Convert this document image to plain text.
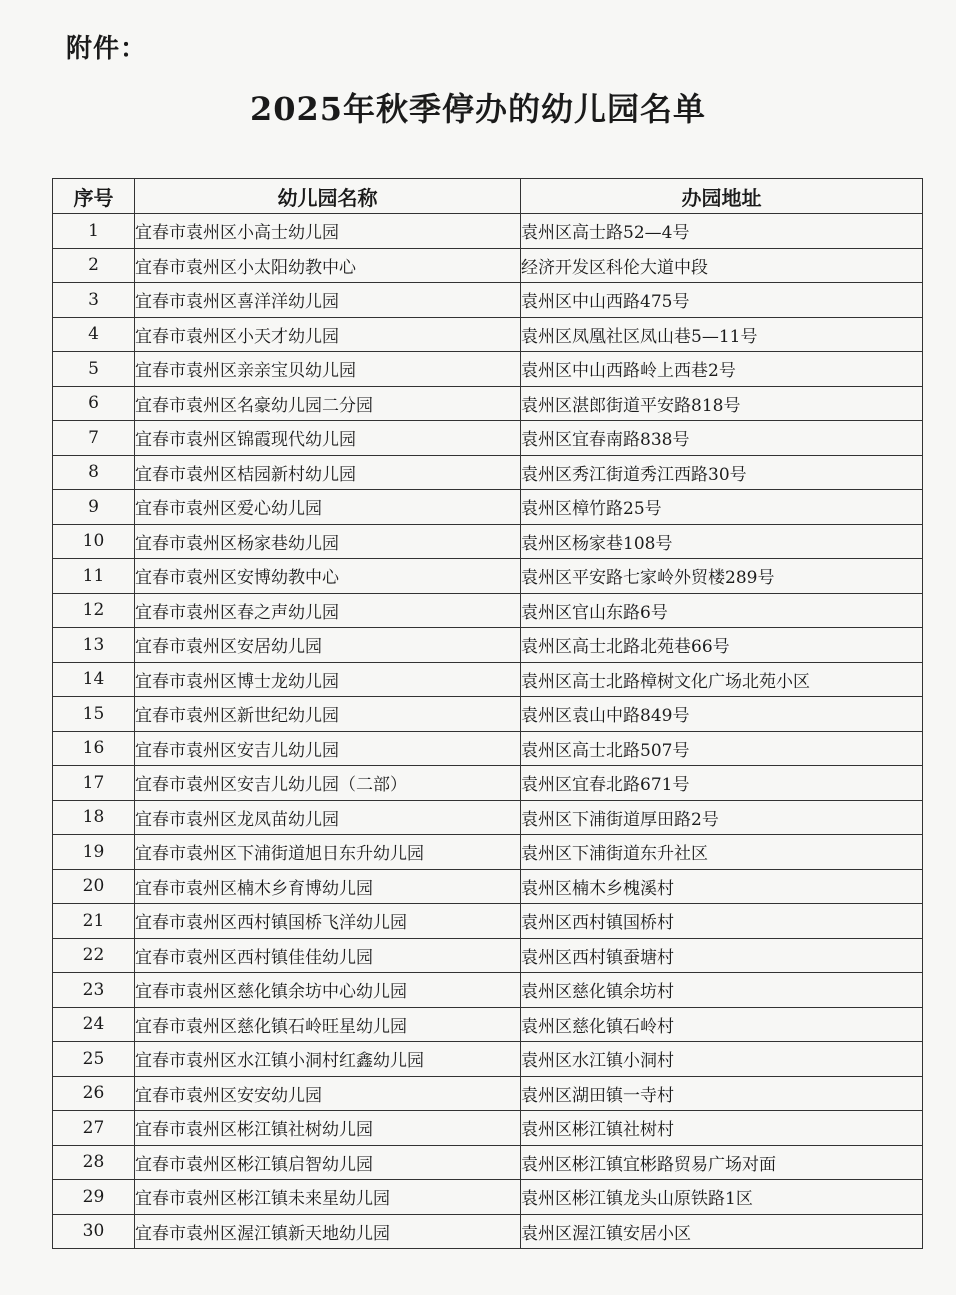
附件：
2025年秋季停办的幼儿园名单
序号	幼儿园名称	办园地址
1	宜春市袁州区小高士幼儿园	袁州区高士路52—4号
2	宜春市袁州区小太阳幼教中心	经济开发区科伦大道中段
3	宜春市袁州区喜洋洋幼儿园	袁州区中山西路475号
4	宜春市袁州区小天才幼儿园	袁州区凤凰社区凤山巷5—11号
5	宜春市袁州区亲亲宝贝幼儿园	袁州区中山西路岭上西巷2号
6	宜春市袁州区名豪幼儿园二分园	袁州区湛郎街道平安路818号
7	宜春市袁州区锦霞现代幼儿园	袁州区宜春南路838号
8	宜春市袁州区桔园新村幼儿园	袁州区秀江街道秀江西路30号
9	宜春市袁州区爱心幼儿园	袁州区樟竹路25号
10	宜春市袁州区杨家巷幼儿园	袁州区杨家巷108号
11	宜春市袁州区安博幼教中心	袁州区平安路七家岭外贸楼289号
12	宜春市袁州区春之声幼儿园	袁州区官山东路6号
13	宜春市袁州区安居幼儿园	袁州区高士北路北苑巷66号
14	宜春市袁州区博士龙幼儿园	袁州区高士北路樟树文化广场北苑小区
15	宜春市袁州区新世纪幼儿园	袁州区袁山中路849号
16	宜春市袁州区安吉儿幼儿园	袁州区高士北路507号
17	宜春市袁州区安吉儿幼儿园（二部）	袁州区宜春北路671号
18	宜春市袁州区龙凤苗幼儿园	袁州区下浦街道厚田路2号
19	宜春市袁州区下浦街道旭日东升幼儿园	袁州区下浦街道东升社区
20	宜春市袁州区楠木乡育博幼儿园	袁州区楠木乡槐溪村
21	宜春市袁州区西村镇国桥飞洋幼儿园	袁州区西村镇国桥村
22	宜春市袁州区西村镇佳佳幼儿园	袁州区西村镇蚕塘村
23	宜春市袁州区慈化镇余坊中心幼儿园	袁州区慈化镇余坊村
24	宜春市袁州区慈化镇石岭旺星幼儿园	袁州区慈化镇石岭村
25	宜春市袁州区水江镇小洞村红鑫幼儿园	袁州区水江镇小洞村
26	宜春市袁州区安安幼儿园	袁州区湖田镇一寺村
27	宜春市袁州区彬江镇社树幼儿园	袁州区彬江镇社树村
28	宜春市袁州区彬江镇启智幼儿园	袁州区彬江镇宜彬路贸易广场对面
29	宜春市袁州区彬江镇未来星幼儿园	袁州区彬江镇龙头山原铁路1区
30	宜春市袁州区渥江镇新天地幼儿园	袁州区渥江镇安居小区
